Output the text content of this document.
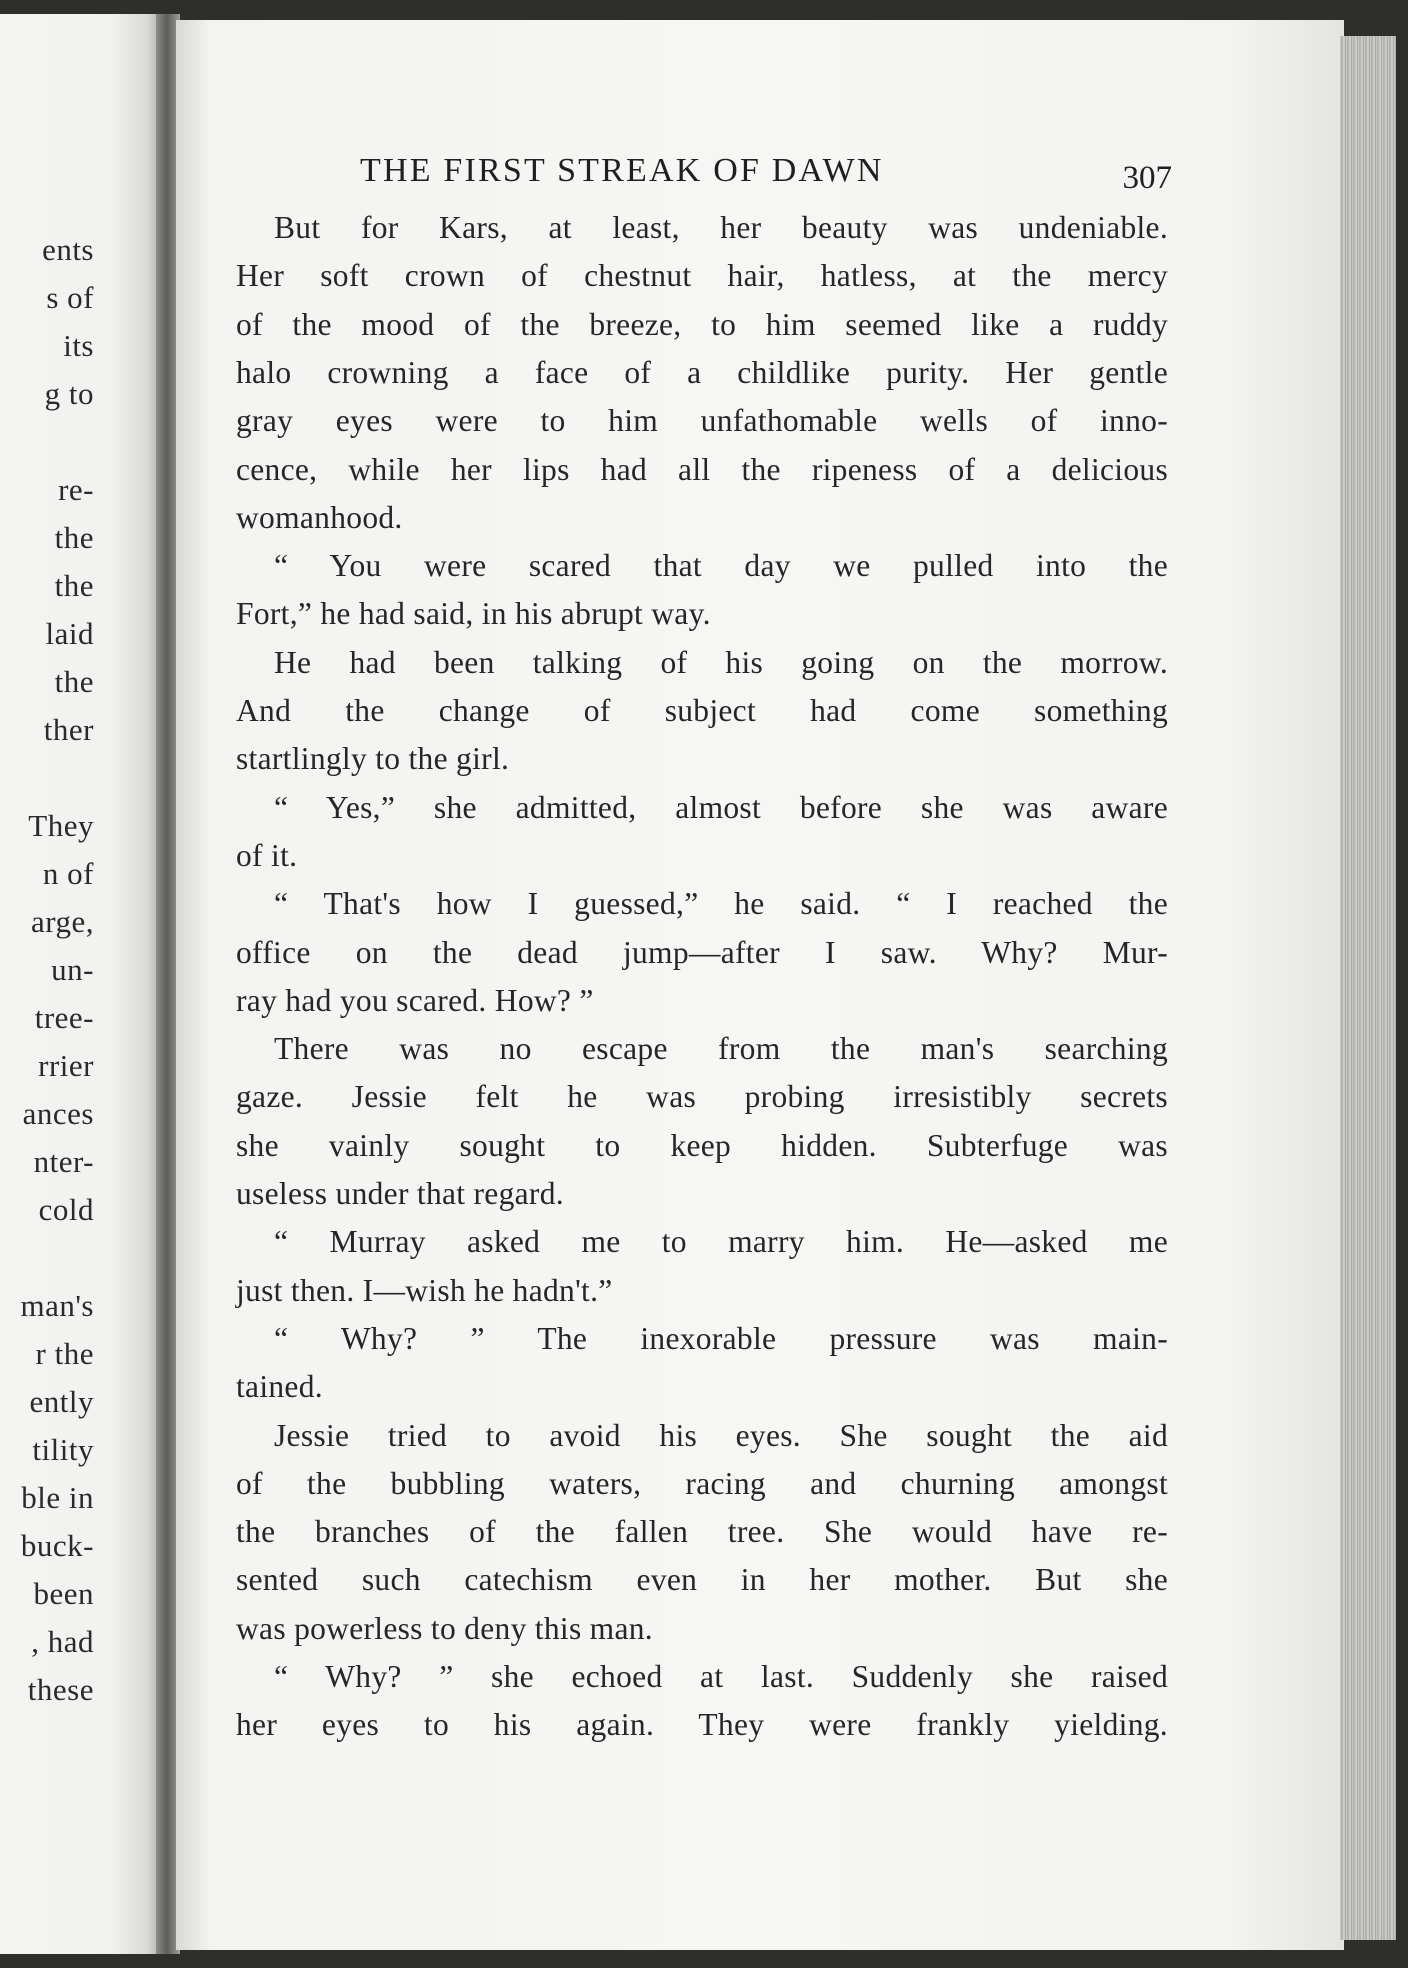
ents
s of
its
g to
re-
the
the
laid
the
ther
They
n of
arge,
un-
tree-
rrier
ances
nter-
cold
man's
r the
ently
tility
ble in
buck-
been
, had
these
THE FIRST STREAK OF DAWN	307
But for Kars, at least, her beauty was undeniable.
Her soft crown of chestnut hair, hatless, at the mercy
of the mood of the breeze, to him seemed like a ruddy
halo crowning a face of a childlike purity. Her gentle
gray eyes were to him unfathomable wells of inno-
cence, while her lips had all the ripeness of a delicious
womanhood.
“ You were scared that day we pulled into the
Fort,” he had said, in his abrupt way.
He had been talking of his going on the morrow.
And the change of subject had come something
startlingly to the girl.
“ Yes,” she admitted, almost before she was aware
of it.
“ That's how I guessed,” he said. “ I reached the
office on the dead jump—after I saw. Why? Mur-
ray had you scared. How? ”
There was no escape from the man's searching
gaze. Jessie felt he was probing irresistibly secrets
she vainly sought to keep hidden. Subterfuge was
useless under that regard.
“ Murray asked me to marry him. He—asked me
just then. I—wish he hadn't.”
“ Why? ” The inexorable pressure was main-
tained.
Jessie tried to avoid his eyes. She sought the aid
of the bubbling waters, racing and churning amongst
the branches of the fallen tree. She would have re-
sented such catechism even in her mother. But she
was powerless to deny this man.
“ Why? ” she echoed at last. Suddenly she raised
her eyes to his again. They were frankly yielding.
